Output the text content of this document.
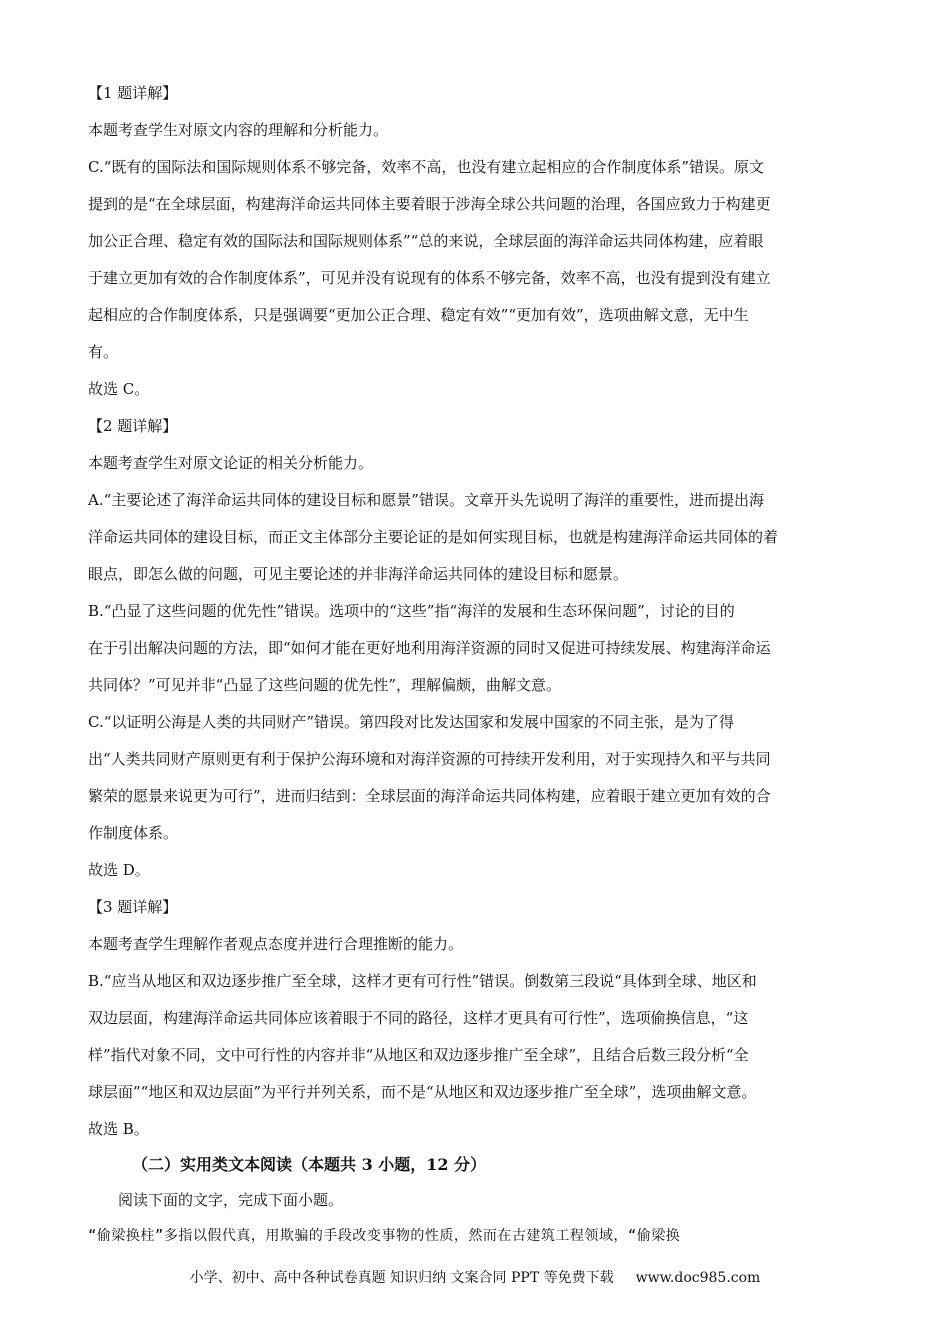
【1 题详解】
本题考查学生对原文内容的理解和分析能力。
C.“既有的国际法和国际规则体系不够完备，效率不高，也没有建立起相应的合作制度体系”错误。原文
提到的是“在全球层面，构建海洋命运共同体主要着眼于涉海全球公共问题的治理，各国应致力于构建更
加公正合理、稳定有效的国际法和国际规则体系”“总的来说，全球层面的海洋命运共同体构建，应着眼
于建立更加有效的合作制度体系”，可见并没有说现有的体系不够完备，效率不高，也没有提到没有建立
起相应的合作制度体系，只是强调要“更加公正合理、稳定有效”“更加有效”，选项曲解文意，无中生
有。
故选 C。
【2 题详解】
本题考查学生对原文论证的相关分析能力。
A.“主要论述了海洋命运共同体的建设目标和愿景”错误。文章开头先说明了海洋的重要性，进而提出海
洋命运共同体的建设目标，而正文主体部分主要论证的是如何实现目标，也就是构建海洋命运共同体的着
眼点，即怎么做的问题，可见主要论述的并非海洋命运共同体的建设目标和愿景。
B.“凸显了这些问题的优先性”错误。选项中的“这些”指“海洋的发展和生态环保问题”，讨论的目的
在于引出解决问题的方法，即“如何才能在更好地利用海洋资源的同时又促进可持续发展、构建海洋命运
共同体？”可见并非“凸显了这些问题的优先性”，理解偏颇，曲解文意。
C.“以证明公海是人类的共同财产”错误。第四段对比发达国家和发展中国家的不同主张，是为了得
出“人类共同财产原则更有利于保护公海环境和对海洋资源的可持续开发利用，对于实现持久和平与共同
繁荣的愿景来说更为可行”，进而归结到：全球层面的海洋命运共同体构建，应着眼于建立更加有效的合
作制度体系。
故选 D。
【3 题详解】
本题考查学生理解作者观点态度并进行合理推断的能力。
B.“应当从地区和双边逐步推广至全球，这样才更有可行性”错误。倒数第三段说“具体到全球、地区和
双边层面，构建海洋命运共同体应该着眼于不同的路径，这样才更具有可行性”，选项偷换信息，“这
样”指代对象不同，文中可行性的内容并非“从地区和双边逐步推广至全球”，且结合后数三段分析“全
球层面”“地区和双边层面”为平行并列关系，而不是“从地区和双边逐步推广至全球”，选项曲解文意。
故选 B。
（二）实用类文本阅读（本题共 3 小题，12 分）
阅读下面的文字，完成下面小题。
“偷梁换柱”多指以假代真，用欺骗的手段改变事物的性质，然而在古建筑工程领域，“偷梁换
小学、初中、高中各种试卷真题 知识归纳 文案合同 PPT 等免费下载 www.doc985.com
